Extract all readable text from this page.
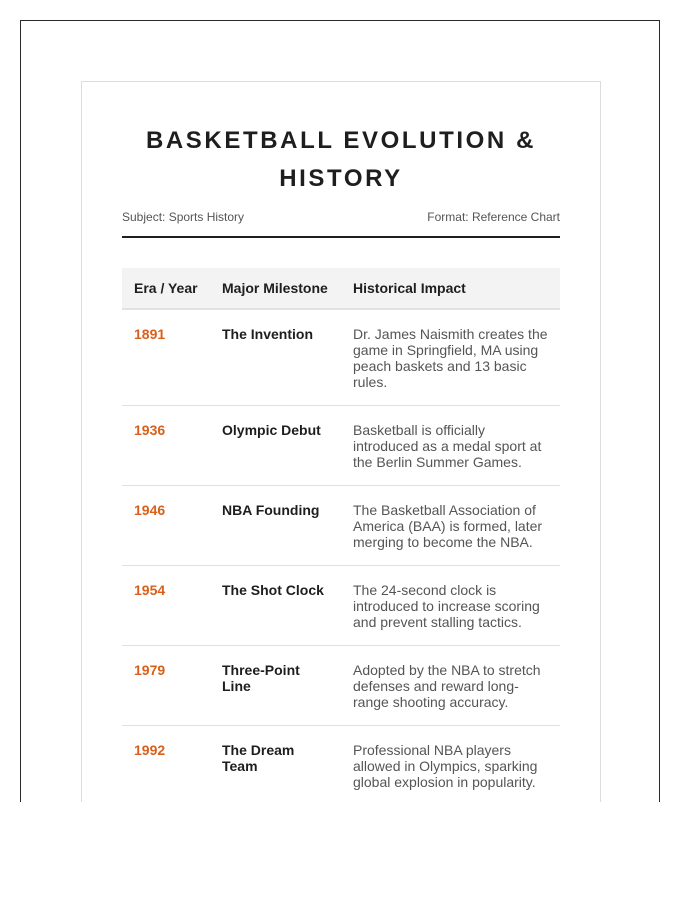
BASKETBALL EVOLUTION & HISTORY
Subject: Sports History	Format: Reference Chart
Era / Year	Major Milestone	Historical Impact
1891	The Invention	Dr. James Naismith creates the game in Springfield, MA using peach baskets and 13 basic rules.
1936	Olympic Debut	Basketball is officially introduced as a medal sport at the Berlin Summer Games.
1946	NBA Founding	The Basketball Association of America (BAA) is formed, later merging to become the NBA.
1954	The Shot Clock	The 24-second clock is introduced to increase scoring and prevent stalling tactics.
1979	Three-Point Line	Adopted by the NBA to stretch defenses and reward long-range shooting accuracy.
1992	The Dream Team	Professional NBA players allowed in Olympics, sparking global explosion in popularity.
